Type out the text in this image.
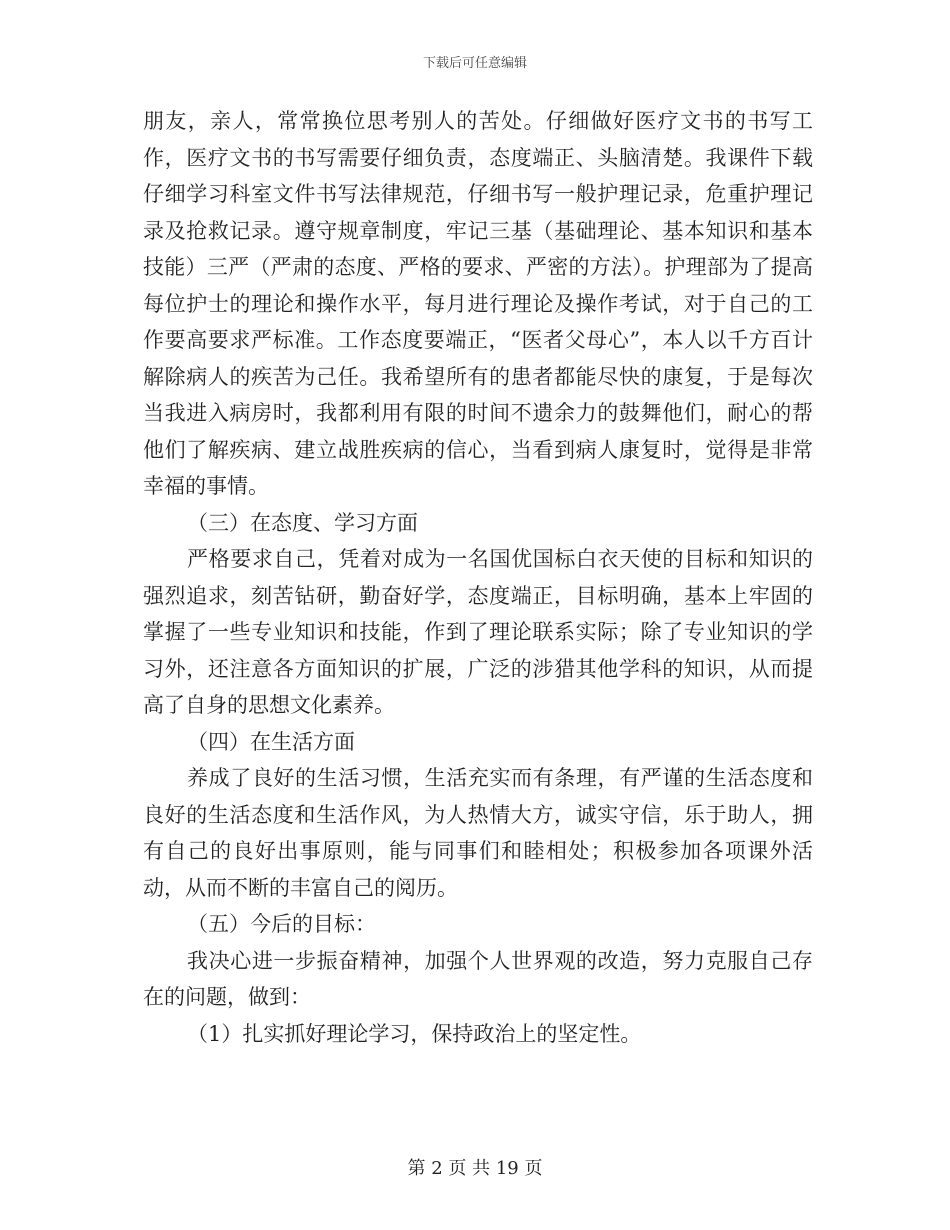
下载后可任意编辑

朋友，亲人，常常换位思考别人的苦处。仔细做好医疗文书的书写工作，医疗文书的书写需要仔细负责，态度端正、头脑清楚。我课件下载仔细学习科室文件书写法律规范，仔细书写一般护理记录，危重护理记录及抢救记录。遵守规章制度，牢记三基（基础理论、基本知识和基本技能）三严（严肃的态度、严格的要求、严密的方法）。护理部为了提高每位护士的理论和操作水平，每月进行理论及操作考试，对于自己的工作要高要求严标准。工作态度要端正，“医者父母心”，本人以千方百计解除病人的疾苦为己任。我希望所有的患者都能尽快的康复，于是每次当我进入病房时，我都利用有限的时间不遗余力的鼓舞他们，耐心的帮他们了解疾病、建立战胜疾病的信心，当看到病人康复时，觉得是非常幸福的事情。

（三）在态度、学习方面

严格要求自己，凭着对成为一名国优国标白衣天使的目标和知识的强烈追求，刻苦钻研，勤奋好学，态度端正，目标明确，基本上牢固的掌握了一些专业知识和技能，作到了理论联系实际；除了专业知识的学习外，还注意各方面知识的扩展，广泛的涉猎其他学科的知识，从而提高了自身的思想文化素养。

（四）在生活方面

养成了良好的生活习惯，生活充实而有条理，有严谨的生活态度和良好的生活态度和生活作风，为人热情大方，诚实守信，乐于助人，拥有自己的良好出事原则，能与同事们和睦相处；积极参加各项课外活动，从而不断的丰富自己的阅历。

（五）今后的目标：

我决心进一步振奋精神，加强个人世界观的改造，努力克服自己存在的问题，做到：

（1）扎实抓好理论学习，保持政治上的坚定性。

第 2 页 共 19 页
